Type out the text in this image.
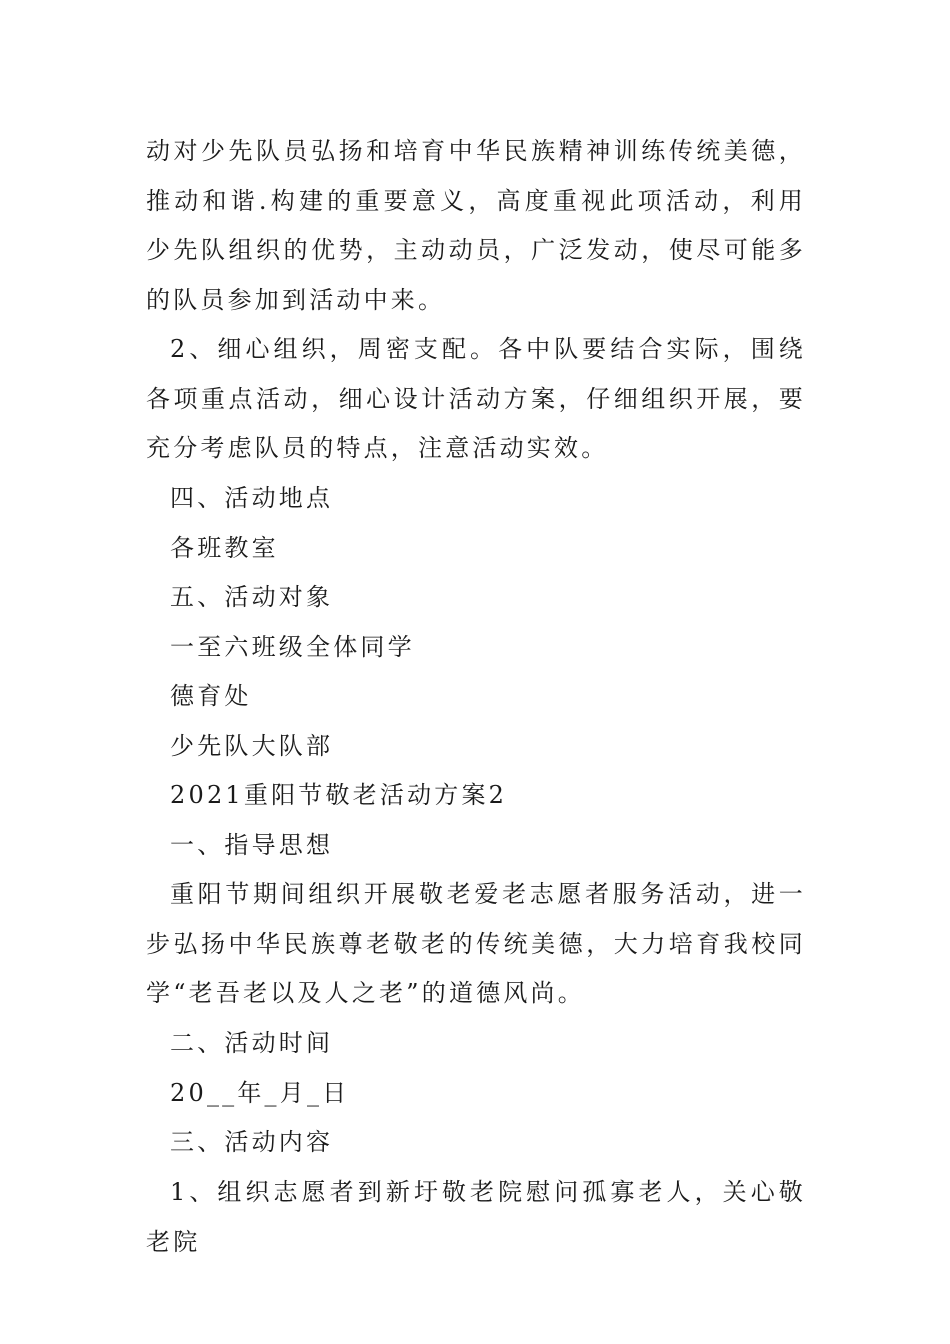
动对少先队员弘扬和培育中华民族精神训练传统美德，推动和谐.构建的重要意义，高度重视此项活动，利用少先队组织的优势，主动动员，广泛发动，使尽可能多的队员参加到活动中来。

2、细心组织，周密支配。各中队要结合实际，围绕各项重点活动，细心设计活动方案，仔细组织开展，要充分考虑队员的特点，注意活动实效。

四、活动地点

各班教室

五、活动对象

一至六班级全体同学

德育处

少先队大队部

2021重阳节敬老活动方案2

一、指导思想

重阳节期间组织开展敬老爱老志愿者服务活动，进一步弘扬中华民族尊老敬老的传统美德，大力培育我校同学“老吾老以及人之老”的道德风尚。

二、活动时间

20__年_月_日

三、活动内容

1、组织志愿者到新圩敬老院慰问孤寡老人，关心敬老院
